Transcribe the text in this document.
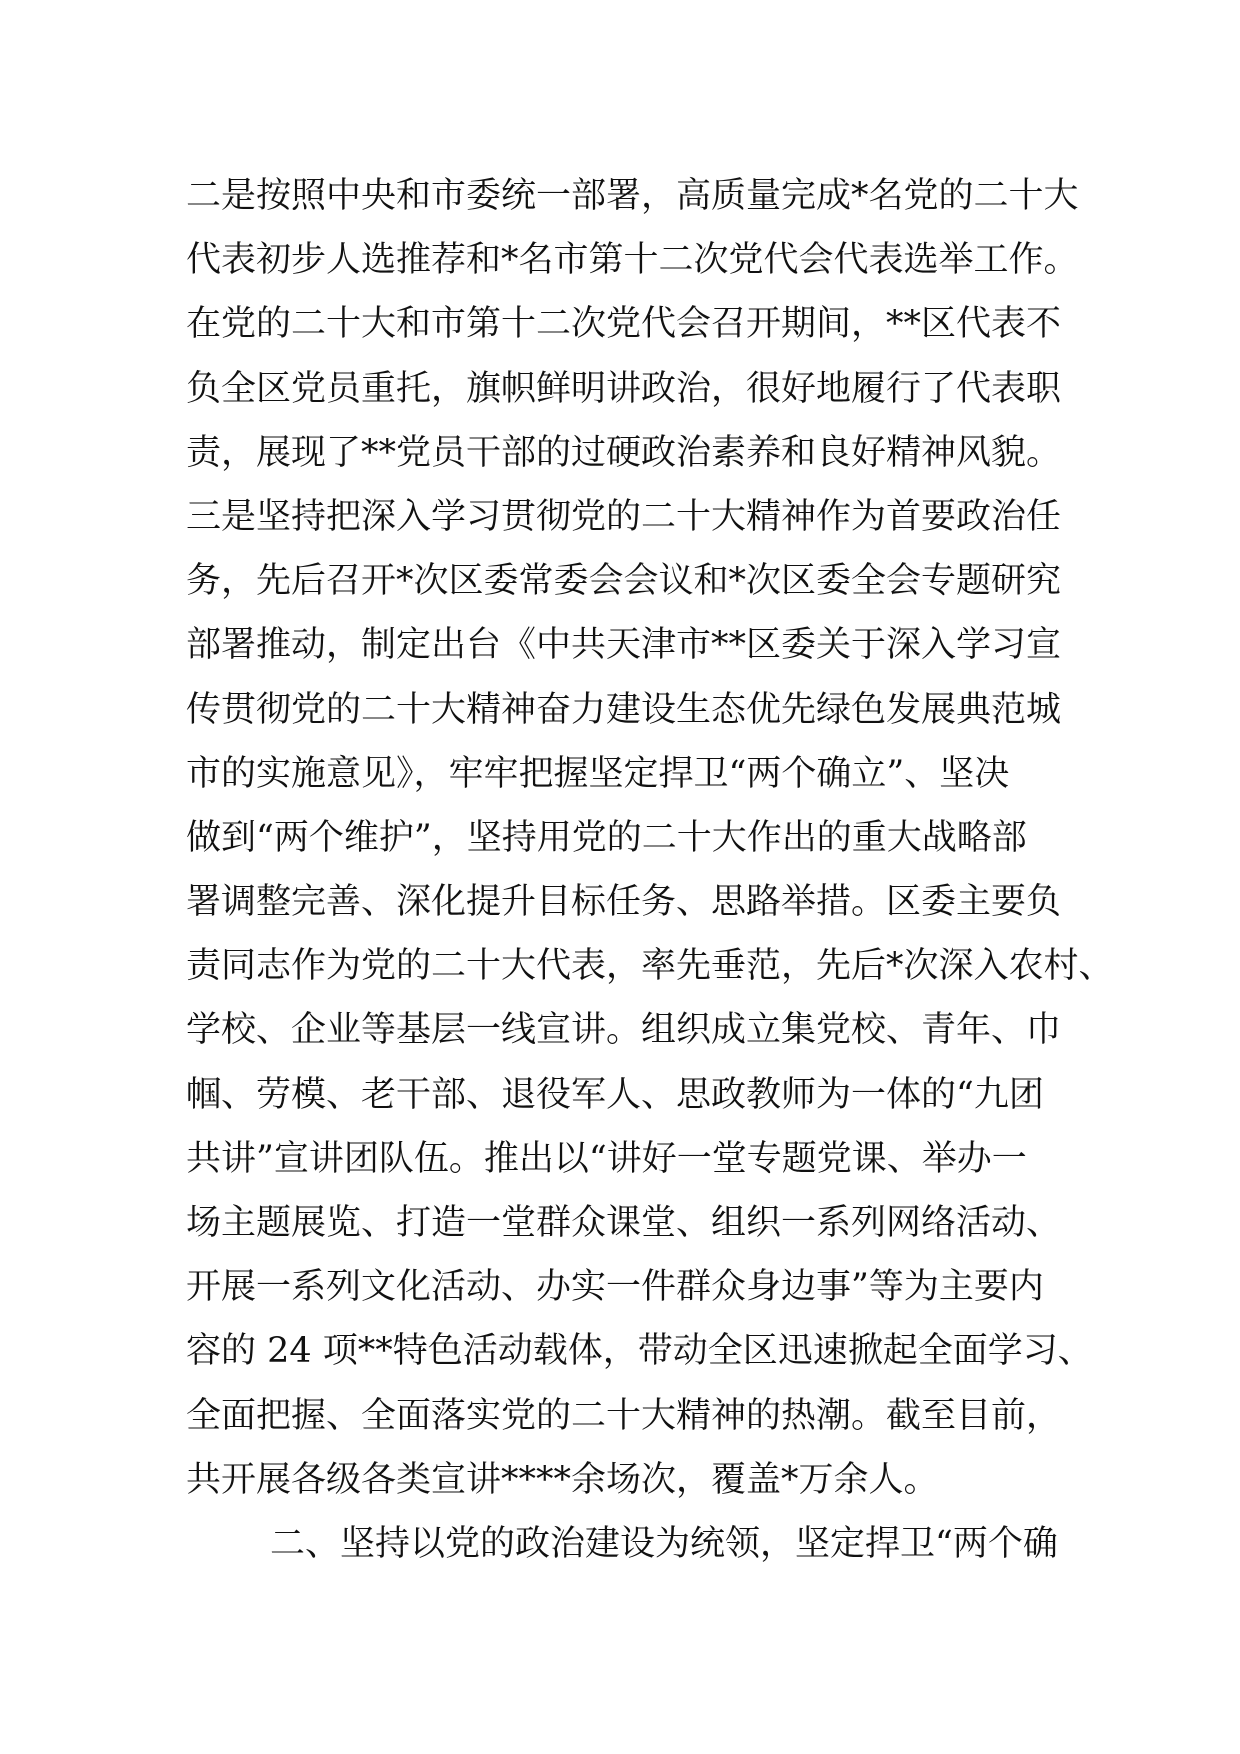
二是按照中央和市委统一部署，高质量完成*名党的二十大
代表初步人选推荐和*名市第十二次党代会代表选举工作。
在党的二十大和市第十二次党代会召开期间，**区代表不
负全区党员重托，旗帜鲜明讲政治，很好地履行了代表职
责，展现了**党员干部的过硬政治素养和良好精神风貌。
三是坚持把深入学习贯彻党的二十大精神作为首要政治任
务，先后召开*次区委常委会会议和*次区委全会专题研究
部署推动，制定出台《中共天津市**区委关于深入学习宣
传贯彻党的二十大精神奋力建设生态优先绿色发展典范城
市的实施意见》，牢牢把握坚定捍卫“两个确立”、坚决
做到“两个维护”，坚持用党的二十大作出的重大战略部
署调整完善、深化提升目标任务、思路举措。区委主要负
责同志作为党的二十大代表，率先垂范，先后*次深入农村、
学校、企业等基层一线宣讲。组织成立集党校、青年、巾
帼、劳模、老干部、退役军人、思政教师为一体的“九团
共讲”宣讲团队伍。推出以“讲好一堂专题党课、举办一
场主题展览、打造一堂群众课堂、组织一系列网络活动、
开展一系列文化活动、办实一件群众身边事”等为主要内
容的 24 项**特色活动载体，带动全区迅速掀起全面学习、
全面把握、全面落实党的二十大精神的热潮。截至目前，
共开展各级各类宣讲****余场次，覆盖*万余人。
二、坚持以党的政治建设为统领，坚定捍卫“两个确
